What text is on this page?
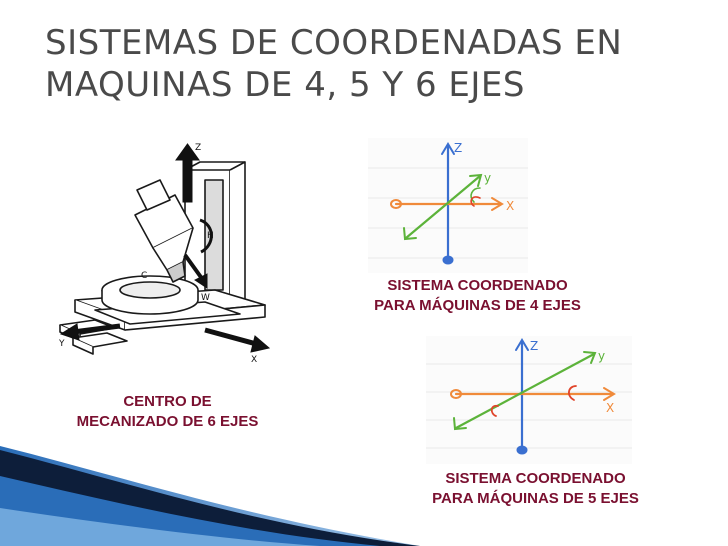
SISTEMAS DE COORDENADAS EN
MAQUINAS DE 4, 5 Y 6 EJES
Z
X
Y
W
H
C
CENTRO DE
MECANIZADO DE 6 EJES
Z
y
X
SISTEMA COORDENADO
PARA MÁQUINAS DE 4 EJES
Z
y
X
SISTEMA COORDENADO
PARA MÁQUINAS DE 5 EJES
